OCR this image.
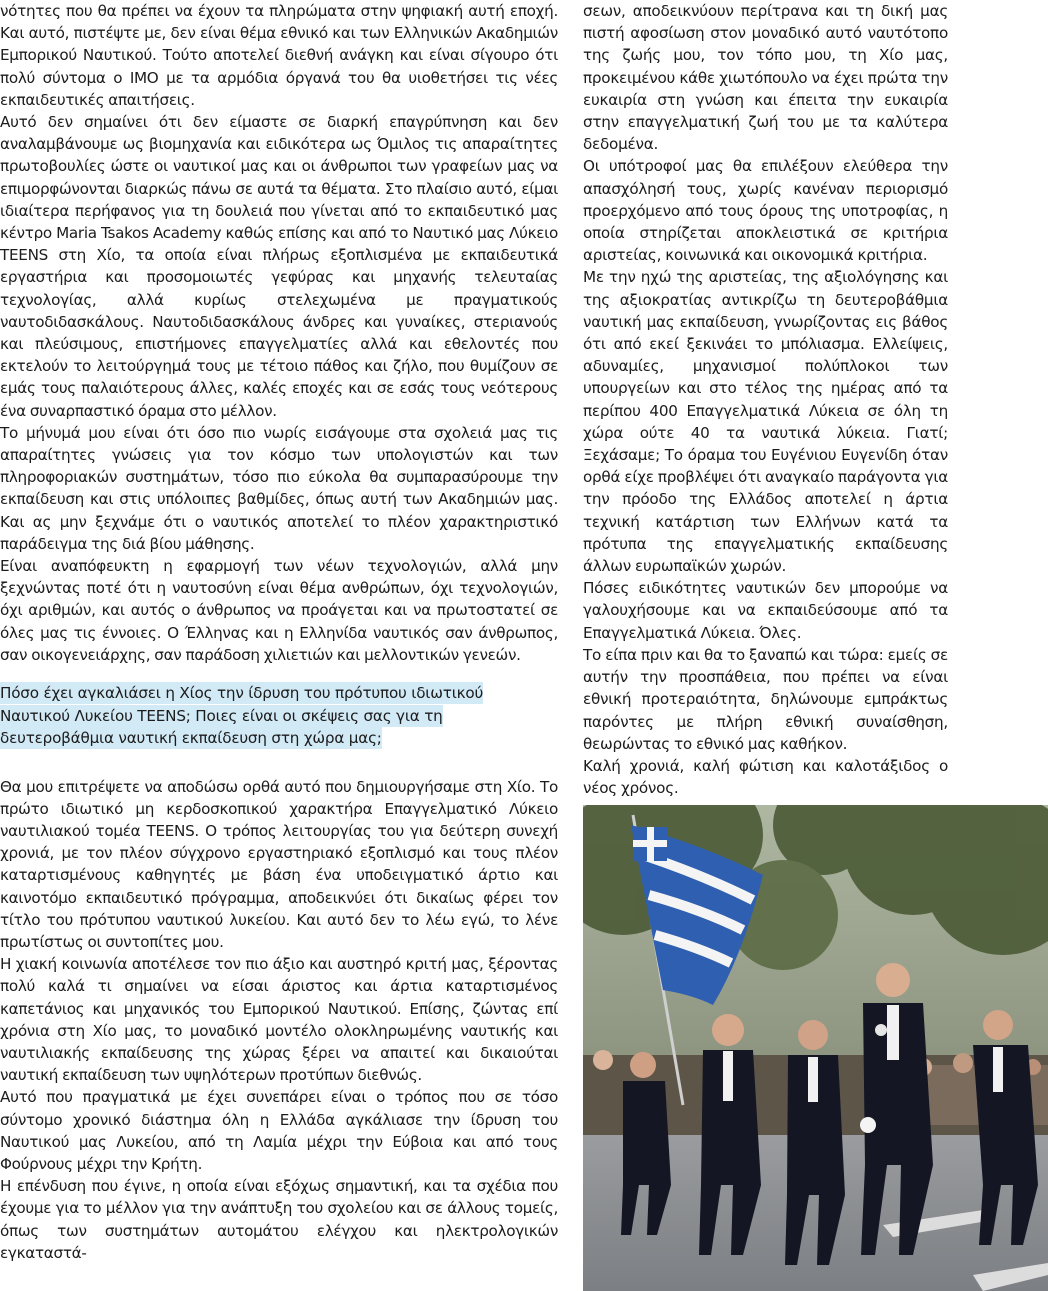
νότητες που θα πρέπει να έχουν τα πληρώματα στην ψηφιακή αυτή εποχή. Και αυτό, πιστέψτε με, δεν είναι θέμα εθνικό και των Ελληνικών Ακαδημιών Εμπορικού Ναυτικού. Τούτο αποτελεί διεθνή ανάγκη και είναι σίγουρο ότι πολύ σύντομα ο IMO με τα αρμόδια όργανά του θα υιοθετήσει τις νέες εκπαιδευτικές απαιτήσεις.

Αυτό δεν σημαίνει ότι δεν είμαστε σε διαρκή επαγρύπνηση και δεν αναλαμβάνουμε ως βιομηχανία και ειδικότερα ως Όμιλος τις απαραίτητες πρωτοβουλίες ώστε οι ναυτικοί μας και οι άνθρωποι των γραφείων μας να επιμορφώνονται διαρκώς πάνω σε αυτά τα θέματα. Στο πλαίσιο αυτό, είμαι ιδιαίτερα περήφανος για τη δουλειά που γίνεται από το εκπαιδευτικό μας κέντρο Maria Tsakos Academy καθώς επίσης και από το Ναυτικό μας Λύκειο TEENS στη Χίο, τα οποία είναι πλήρως εξοπλισμένα με εκπαιδευτικά εργαστήρια και προσομοιωτές γεφύρας και μηχανής τελευταίας τεχνολογίας, αλλά κυρίως στελεχωμένα με πραγματικούς ναυτοδιδασκάλους. Ναυτοδιδασκάλους άνδρες και γυναίκες, στεριανούς και πλεύσιμους, επιστήμονες επαγγελματίες αλλά και εθελοντές που εκτελούν το λειτούργημά τους με τέτοιο πάθος και ζήλο, που θυμίζουν σε εμάς τους παλαιότερους άλλες, καλές εποχές και σε εσάς τους νεότερους ένα συναρπαστικό όραμα στο μέλλον.

Το μήνυμά μου είναι ότι όσο πιο νωρίς εισάγουμε στα σχολειά μας τις απαραίτητες γνώσεις για τον κόσμο των υπολογιστών και των πληροφοριακών συστημάτων, τόσο πιο εύκολα θα συμπαρασύρουμε την εκπαίδευση και στις υπόλοιπες βαθμίδες, όπως αυτή των Ακαδημιών μας. Και ας μην ξεχνάμε ότι ο ναυτικός αποτελεί το πλέον χαρακτηριστικό παράδειγμα της διά βίου μάθησης.

Είναι αναπόφευκτη η εφαρμογή των νέων τεχνολογιών, αλλά μην ξεχνώντας ποτέ ότι η ναυτοσύνη είναι θέμα ανθρώπων, όχι τεχνολογιών, όχι αριθμών, και αυτός ο άνθρωπος να προάγεται και να πρωτοστατεί σε όλες μας τις έννοιες. Ο Έλληνας και η Ελληνίδα ναυτικός σαν άνθρωπος, σαν οικογενειάρχης, σαν παράδοση χιλιετιών και μελλοντικών γενεών.

Πόσο έχει αγκαλιάσει η Χίος την ίδρυση του πρότυπου ιδιωτικού
Ναυτικού Λυκείου TEENS; Ποιες είναι οι σκέψεις σας για τη
δευτεροβάθμια ναυτική εκπαίδευση στη χώρα μας;

Θα μου επιτρέψετε να αποδώσω ορθά αυτό που δημιουργήσαμε στη Χίο. Το πρώτο ιδιωτικό μη κερδοσκοπικού χαρακτήρα Επαγγελματικό Λύκειο ναυτιλιακού τομέα TEENS. Ο τρόπος λειτουργίας του για δεύτερη συνεχή χρονιά, με τον πλέον σύγχρονο εργαστηριακό εξοπλισμό και τους πλέον καταρτισμένους καθηγητές με βάση ένα υποδειγματικό άρτιο και καινοτόμο εκπαιδευτικό πρόγραμμα, αποδεικνύει ότι δικαίως φέρει τον τίτλο του πρότυπου ναυτικού λυκείου. Και αυτό δεν το λέω εγώ, το λένε πρωτίστως οι συντοπίτες μου.

Η χιακή κοινωνία αποτέλεσε τον πιο άξιο και αυστηρό κριτή μας, ξέροντας πολύ καλά τι σημαίνει να είσαι άριστος και άρτια καταρτισμένος καπετάνιος και μηχανικός του Εμπορικού Ναυτικού. Επίσης, ζώντας επί χρόνια στη Χίο μας, το μοναδικό μοντέλο ολοκληρωμένης ναυτικής και ναυτιλιακής εκπαίδευσης της χώρας ξέρει να απαιτεί και δικαιούται ναυτική εκπαίδευση των υψηλότερων προτύπων διεθνώς.

Αυτό που πραγματικά με έχει συνεπάρει είναι ο τρόπος που σε τόσο σύντομο χρονικό διάστημα όλη η Ελλάδα αγκάλιασε την ίδρυση του Ναυτικού μας Λυκείου, από τη Λαμία μέχρι την Εύβοια και από τους Φούρνους μέχρι την Κρήτη.

Η επένδυση που έγινε, η οποία είναι εξόχως σημαντική, και τα σχέδια που έχουμε για το μέλλον για την ανάπτυξη του σχολείου και σε άλλους τομείς, όπως των συστημάτων αυτομάτου ελέγχου και ηλεκτρολογικών εγκαταστά-

σεων, αποδεικνύουν περίτρανα και τη δική μας πιστή αφοσίωση στον μοναδικό αυτό ναυτότοπο της ζωής μου, τον τόπο μου, τη Χίο μας, προκειμένου κάθε χιωτόπουλο να έχει πρώτα την ευκαιρία στη γνώση και έπειτα την ευκαιρία στην επαγγελματική ζωή του με τα καλύτερα δεδομένα.

Οι υπότροφοί μας θα επιλέξουν ελεύθερα την απασχόλησή τους, χωρίς κανέναν περιορισμό προερχόμενο από τους όρους της υποτροφίας, η οποία στηρίζεται αποκλειστικά σε κριτήρια αριστείας, κοινωνικά και οικονομικά κριτήρια.

Με την ηχώ της αριστείας, της αξιολόγησης και της αξιοκρατίας αντικρίζω τη δευτεροβάθμια ναυτική μας εκπαίδευση, γνωρίζοντας εις βάθος ότι από εκεί ξεκινάει το μπόλιασμα. Ελλείψεις, αδυναμίες, μηχανισμοί πολύπλοκοι των υπουργείων και στο τέλος της ημέρας από τα περίπου 400 Επαγγελματικά Λύκεια σε όλη τη χώρα ούτε 40 τα ναυτικά λύκεια. Γιατί; Ξεχάσαμε; Το όραμα του Ευγένιου Ευγενίδη όταν ορθά είχε προβλέψει ότι αναγκαίο παράγοντα για την πρόοδο της Ελλάδος αποτελεί η άρτια τεχνική κατάρτιση των Ελλήνων κατά τα πρότυπα της επαγγελματικής εκπαίδευσης άλλων ευρωπαϊκών χωρών.

Πόσες ειδικότητες ναυτικών δεν μπορούμε να γαλουχήσουμε και να εκπαιδεύσουμε από τα Επαγγελματικά Λύκεια. Όλες.

Το είπα πριν και θα το ξαναπώ και τώρα: εμείς σε αυτήν την προσπάθεια, που πρέπει να είναι εθνική προτεραιότητα, δηλώνουμε εμπράκτως παρόντες με πλήρη εθνική συναίσθηση, θεωρώντας το εθνικό μας καθήκον.

Καλή χρονιά, καλή φώτιση και καλοτάξιδος ο νέος χρόνος.
